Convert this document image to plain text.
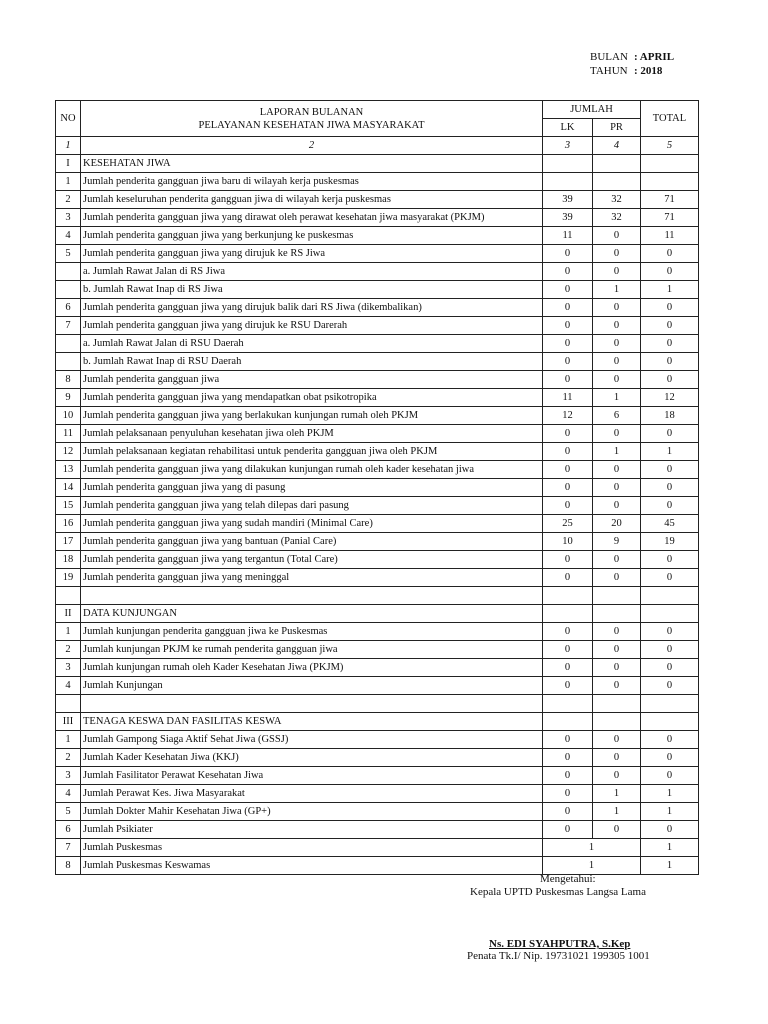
BULAN : APRIL
TAHUN : 2018
NO	LAPORAN BULANAN
PELAYANAN KESEHATAN JIWA MASYARAKAT	JUMLAH		TOTAL
		LK	PR	
1	2	3	4	5
I	KESEHATAN JIWA			
1	Jumlah penderita gangguan jiwa baru di wilayah kerja puskesmas			
2	Jumlah keseluruhan penderita gangguan jiwa di wilayah kerja puskesmas	39	32	71
3	Jumlah penderita gangguan jiwa yang dirawat oleh perawat kesehatan jiwa masyarakat (PKJM)	39	32	71
4	Jumlah penderita gangguan jiwa yang berkunjung ke puskesmas	11	0	11
5	Jumlah penderita gangguan jiwa yang dirujuk ke RS Jiwa	0	0	0
	a. Jumlah Rawat Jalan di RS Jiwa	0	0	0
	b. Jumlah Rawat Inap di RS Jiwa	0	1	1
6	Jumlah penderita gangguan jiwa yang dirujuk balik dari RS Jiwa (dikembalikan)	0	0	0
7	Jumlah penderita gangguan jiwa yang dirujuk ke RSU Darerah	0	0	0
	a. Jumlah Rawat Jalan di RSU Daerah	0	0	0
	b. Jumlah Rawat Inap di RSU Daerah	0	0	0
8	Jumlah penderita gangguan jiwa	0	0	0
9	Jumlah penderita gangguan jiwa yang mendapatkan obat psikotropika	11	1	12
10	Jumlah penderita gangguan jiwa yang berlakukan kunjungan rumah oleh PKJM	12	6	18
11	Jumlah pelaksanaan penyuluhan kesehatan jiwa oleh PKJM	0	0	0
12	Jumlah pelaksanaan kegiatan rehabilitasi untuk penderita gangguan jiwa oleh PKJM	0	1	1
13	Jumlah penderita gangguan jiwa yang dilakukan kunjungan rumah oleh kader kesehatan jiwa	0	0	0
14	Jumlah penderita gangguan jiwa yang di pasung	0	0	0
15	Jumlah penderita gangguan jiwa yang telah dilepas dari pasung	0	0	0
16	Jumlah penderita gangguan jiwa yang sudah mandiri (Minimal Care)	25	20	45
17	Jumlah penderita gangguan jiwa yang bantuan (Panial Care)	10	9	19
18	Jumlah penderita gangguan jiwa yang tergantun (Total Care)	0	0	0
19	Jumlah penderita gangguan jiwa yang meninggal	0	0	0

II	DATA KUNJUNGAN			
1	Jumlah kunjungan penderita gangguan jiwa ke Puskesmas	0	0	0
2	Jumlah kunjungan PKJM ke rumah penderita gangguan jiwa	0	0	0
3	Jumlah kunjungan rumah oleh Kader Kesehatan Jiwa (PKJM)	0	0	0
4	Jumlah Kunjungan	0	0	0

III	TENAGA KESWA DAN FASILITAS KESWA			
1	Jumlah Gampong Siaga Aktif Sehat Jiwa (GSSJ)	0	0	0
2	Jumlah Kader Kesehatan Jiwa (KKJ)	0	0	0
3	Jumlah Fasilitator Perawat Kesehatan Jiwa	0	0	0
4	Jumlah Perawat Kes. Jiwa Masyarakat	0	1	1
5	Jumlah Dokter Mahir Kesehatan Jiwa (GP+)	0	1	1
6	Jumlah Psikiater	0	0	0
7	Jumlah Puskesmas	1		1
8	Jumlah Puskesmas Keswamas	1		1
Mengetahui:
Kepala UPTD Puskesmas Langsa Lama
Ns. EDI SYAHPUTRA, S.Kep
Penata Tk.I/ Nip. 19731021 199305 1001
